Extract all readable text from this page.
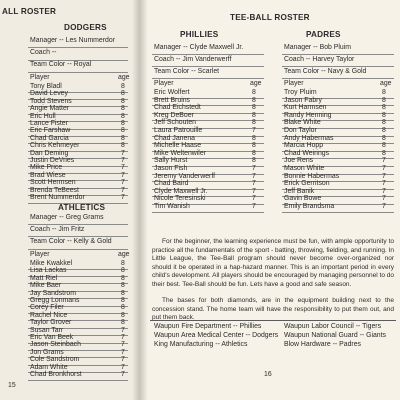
ALL ROSTER
DODGERS
Manager -- Les Nummerdor
Coach --
Team Color -- Royal
Player	age
Tony Bladl	8
David Levey	8
Todd Stevens	8
Angie Matter	8
Eric Hull	8
Lance Fister	8
Eric Farshaw	8
Chad Garcia	8
Chris Kehmeyer	8
Dan Deming	7
Justin DeVries	7
Mike Price	7
Brad Wiese	7
Scott Hermsen	7
Brenda TeBeest	7
Brent Nummerdor	7
ATHLETICS
Manager -- Greg Grams
Coach -- Jim Fritz
Team Color -- Kelly & Gold
Player	age
Mike Kwakkel	8
Lisa Lackas	8
Matt Riel	8
Mike Baer	8
Jay Sandstrom	8
Gregg Lonmans	8
Corey Filer	8
Rachel Nice	8
Taylor Grover	8
Susan Tarr	7
Eric Van Beek	7
Jason Steinbach	7
Jon Grams	7
Cole Sandstrom	7
Adam White	7
Chad Bronkhorst	7
15
TEE-BALL ROSTER
PHILLIES
Manager -- Clyde Maxwell Jr.
Coach -- Jim Vanderwerff
Team Color -- Scarlet
Player	age
Eric Wolfert	8
Brett Bruins	8
Chad Eichstedt	8
Kreg DeBoer	8
Jeff Schouten	8
Laura Patrouille	7
Chad Janena	8
Michelle Haase	8
Mike Weltenwiler	8
Sally Hurst	8
Jason Fish	7
Jeremy Vanderwerff	7
Chad Baird	7
Clyde Maxwell Jr.	7
Nicole Teresinski	7
Tim Wanish	7
PADRES
Manager -- Bob Pluim
Coach -- Harvey Taylor
Team Color -- Navy & Gold
Player	age
Troy Pluim	8
Jason Fabry	8
Kurt Harmsen	8
Randy Henning	8
Blake White	8
Don Taylor	8
Andy Habermas	8
Marcia Hopp	8
Chad Weirings	8
Joe Rens	7
Mason White	7
Bonnie Habermas	7
Erick Gerritson	7
Jeff Banik	7
Gavin Bowe	7
Emily Brandsma	7
For the beginner, the learning experience must be fun, with ample opportunity to practice all the fundamentals of the sport - batting, throwing, fielding, and running. In Little League, the Tee-Ball program should never become over-organized nor should it be operated in a hap-hazard manner. This is an important period in every child's development. All players should be encouraged by managing personnel to do their best. Tee-Ball should be fun. Lets have a good and safe season.
The bases for both diamonds, are in the equipment building next to the concession stand. The home team will have the responsibility to put them out, and put them back.
Waupun Fire Department -- Phillies
Waupun Area Medical Center -- Dodgers
King Manufacturing -- Athletics
Waupun Labor Council -- Tigers
Waupun National Guard -- Giants
Blow Hardware -- Padres
16
